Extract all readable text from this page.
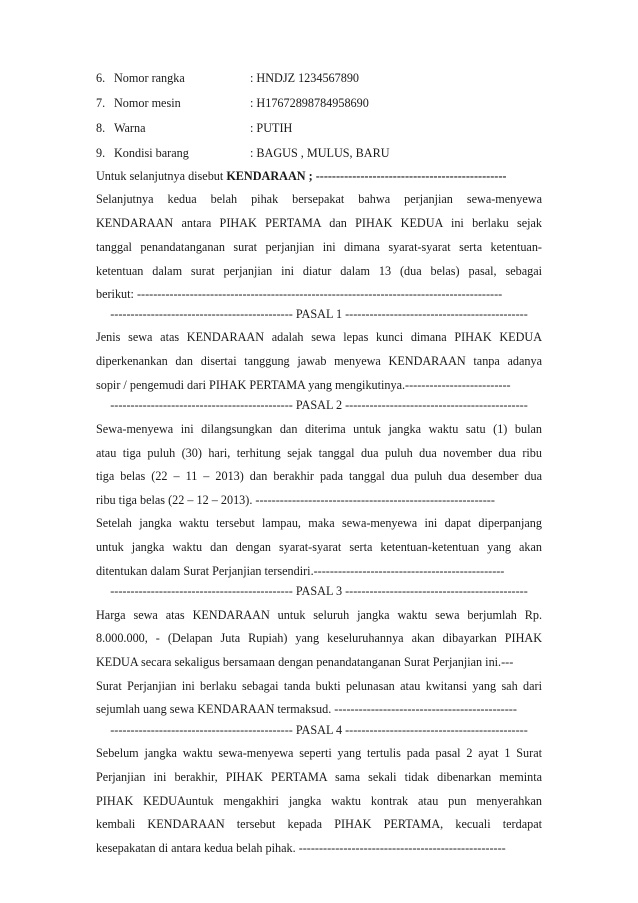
6. Nomor rangka	: HNDJZ 1234567890
7. Nomor mesin	: H17672898784958690
8. Warna	: PUTIH
9. Kondisi barang	: BAGUS , MULUS, BARU
Untuk selanjutnya disebut KENDARAAN ; -----------------------------------------------
Selanjutnya kedua belah pihak bersepakat bahwa perjanjian sewa-menyewa
KENDARAAN antara PIHAK PERTAMA dan PIHAK KEDUA ini berlaku sejak
tanggal penandatanganan surat perjanjian ini dimana syarat-syarat serta ketentuan-
ketentuan dalam surat perjanjian ini diatur dalam 13 (dua belas) pasal, sebagai
berikut: ------------------------------------------------------------------------------------------
--------------------------------------------- PASAL 1 ---------------------------------------------
Jenis sewa atas KENDARAAN adalah sewa lepas kunci dimana PIHAK KEDUA
diperkenankan dan disertai tanggung jawab menyewa KENDARAAN tanpa adanya
sopir / pengemudi dari PIHAK PERTAMA yang mengikutinya.--------------------------
--------------------------------------------- PASAL 2 ---------------------------------------------
Sewa-menyewa ini dilangsungkan dan diterima untuk jangka waktu satu (1) bulan
atau tiga puluh (30) hari, terhitung sejak tanggal dua puluh dua november dua ribu
tiga belas (22 – 11 – 2013) dan berakhir pada tanggal dua puluh dua desember dua
ribu tiga belas (22 – 12 – 2013). -----------------------------------------------------------
Setelah jangka waktu tersebut lampau, maka sewa-menyewa ini dapat diperpanjang
untuk jangka waktu dan dengan syarat-syarat serta ketentuan-ketentuan yang akan
ditentukan dalam Surat Perjanjian tersendiri.-----------------------------------------------
--------------------------------------------- PASAL 3 ---------------------------------------------
Harga sewa atas KENDARAAN untuk seluruh jangka waktu sewa berjumlah Rp.
8.000.000, - (Delapan Juta Rupiah) yang keseluruhannya akan dibayarkan PIHAK
KEDUA secara sekaligus bersamaan dengan penandatanganan Surat Perjanjian ini.---
Surat Perjanjian ini berlaku sebagai tanda bukti pelunasan atau kwitansi yang sah dari
sejumlah uang sewa KENDARAAN termaksud. ---------------------------------------------
--------------------------------------------- PASAL 4 ---------------------------------------------
Sebelum jangka waktu sewa-menyewa seperti yang tertulis pada pasal 2 ayat 1 Surat
Perjanjian ini berakhir, PIHAK PERTAMA sama sekali tidak dibenarkan meminta
PIHAK KEDUAuntuk mengakhiri jangka waktu kontrak atau pun menyerahkan
kembali KENDARAAN tersebut kepada PIHAK PERTAMA, kecuali terdapat
kesepakatan di antara kedua belah pihak. ---------------------------------------------------
